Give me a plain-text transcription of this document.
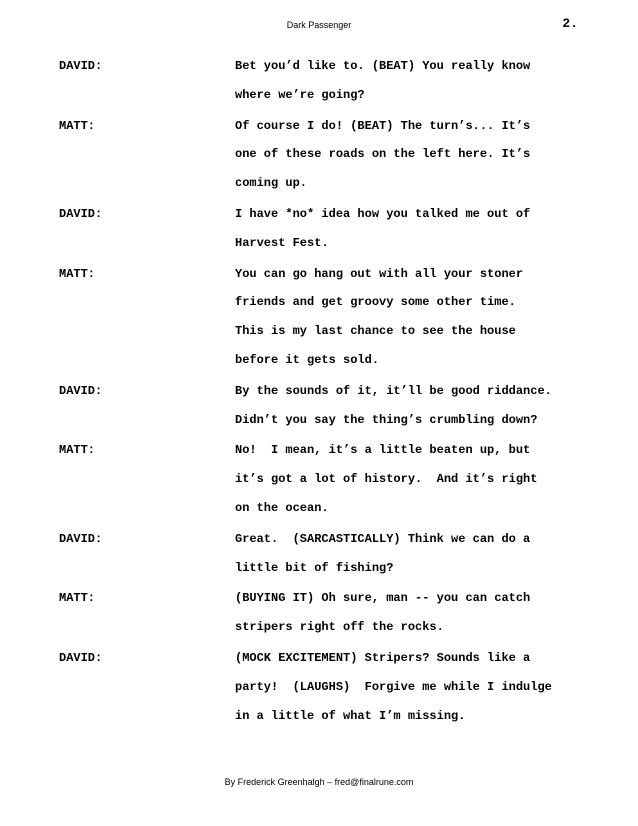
Dark Passenger	2.
DAVID:	Bet you’d like to. (BEAT) You really know
where we’re going?
MATT:	Of course I do! (BEAT) The turn’s... It’s
one of these roads on the left here. It’s
coming up.
DAVID:	I have *no* idea how you talked me out of
Harvest Fest.
MATT:	You can go hang out with all your stoner
friends and get groovy some other time.
This is my last chance to see the house
before it gets sold.
DAVID:	By the sounds of it, it’ll be good riddance.
Didn’t you say the thing’s crumbling down?
MATT:	No!  I mean, it’s a little beaten up, but
it’s got a lot of history.  And it’s right
on the ocean.
DAVID:	Great.  (SARCASTICALLY) Think we can do a
little bit of fishing?
MATT:	(BUYING IT) Oh sure, man -- you can catch
stripers right off the rocks.
DAVID:	(MOCK EXCITEMENT) Stripers? Sounds like a
party!  (LAUGHS)  Forgive me while I indulge
in a little of what I’m missing.
By Frederick Greenhalgh – fred@finalrune.com
